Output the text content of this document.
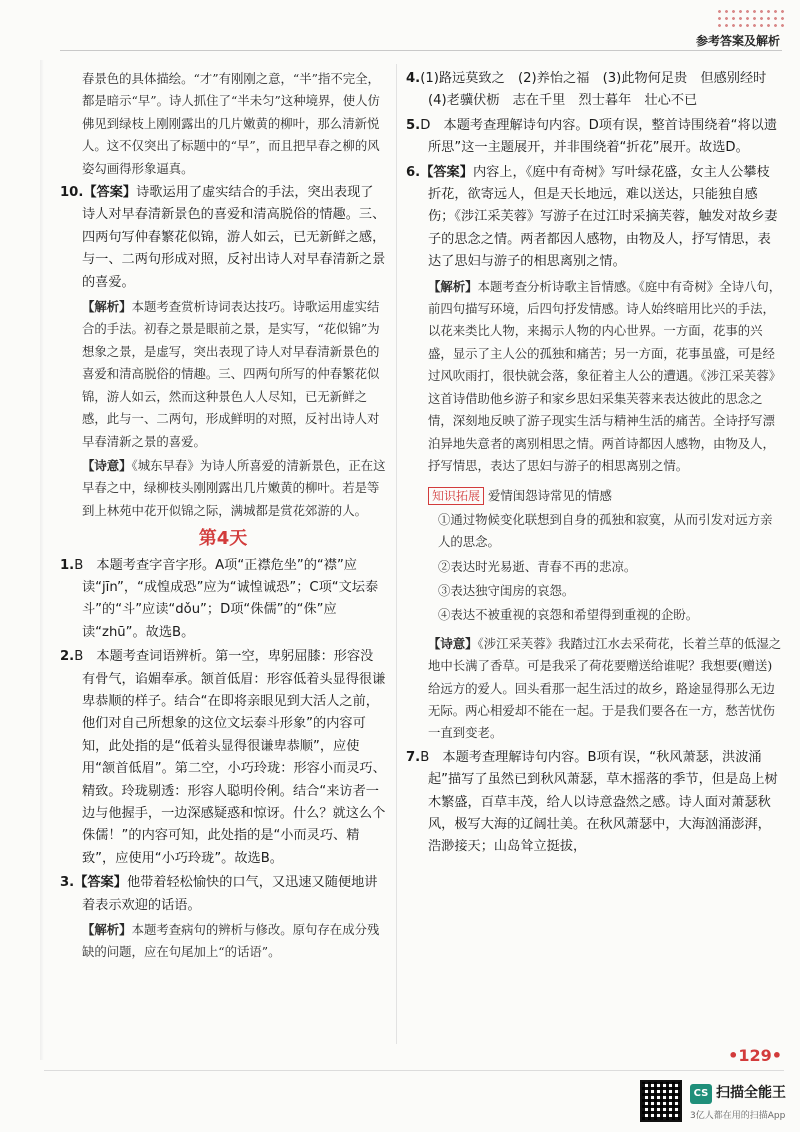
参考答案及解析

春景色的具体描绘。“才”有刚刚之意，“半”指不完全，都是暗示“早”。诗人抓住了“半未匀”这种境界，使人仿佛见到绿枝上刚刚露出的几片嫩黄的柳叶，那么清新悦人。这不仅突出了标题中的“早”，而且把早春之柳的风姿勾画得形象逼真。

10.【答案】诗歌运用了虚实结合的手法，突出表现了诗人对早春清新景色的喜爱和清高脱俗的情趣。三、四两句写仲春繁花似锦，游人如云，已无新鲜之感，与一、二两句形成对照，反衬出诗人对早春清新之景的喜爱。
【解析】本题考查赏析诗词表达技巧。诗歌运用虚实结合的手法。初春之景是眼前之景，是实写，“花似锦”为想象之景，是虚写，突出表现了诗人对早春清新景色的喜爱和清高脱俗的情趣。三、四两句所写的仲春繁花似锦，游人如云，然而这种景色人人尽知，已无新鲜之感，此与一、二两句，形成鲜明的对照，反衬出诗人对早春清新之景的喜爱。
【诗意】《城东早春》为诗人所喜爱的清新景色，正在这早春之中，绿柳枝头刚刚露出几片嫩黄的柳叶。若是等到上林苑中花开似锦之际，满城都是赏花郊游的人。
第4天
1.B　本题考查字音字形。A项“正襟危坐”的“襟”应读“jīn”，“成惶成恐”应为“诚惶诚恐”；C项“文坛泰斗”的“斗”应读“dǒu”；D项“侏儒”的“侏”应读“zhū”。故选B。
2.B　本题考查词语辨析。第一空，卑躬屈膝：形容没有骨气，谄媚奉承。颔首低眉：形容低着头显得很谦卑恭顺的样子。结合“在即将亲眼见到大活人之前，他们对自己所想象的这位文坛泰斗形象”的内容可知，此处指的是“低着头显得很谦卑恭顺”，应使用“颔首低眉”。第二空，小巧玲珑：形容小而灵巧、精致。玲珑剔透：形容人聪明伶俐。结合“来访者一边与他握手，一边深感疑惑和惊讶。什么？就这么个侏儒！”的内容可知，此处指的是“小而灵巧、精致”，应使用“小巧玲珑”。故选B。
3.【答案】他带着轻松愉快的口气，又迅速又随便地讲着表示欢迎的话语。
【解析】本题考查病句的辨析与修改。原句存在成分残缺的问题，应在句尾加上“的话语”。
4.(1)路远莫致之　(2)养怡之福　(3)此物何足贵　但感别经时　(4)老骥伏枥　志在千里　烈士暮年　壮心不已
5.D　本题考查理解诗句内容。D项有误，整首诗围绕着“将以遗所思”这一主题展开，并非围绕着“折花”展开。故选D。
6.【答案】内容上，《庭中有奇树》写叶绿花盛，女主人公攀枝折花，欲寄远人，但是天长地远，难以送达，只能独自感伤；《涉江采芙蓉》写游子在过江时采摘芙蓉，触发对故乡妻子的思念之情。两者都因人感物，由物及人，抒写情思，表达了思妇与游子的相思离别之情。
【解析】本题考查分析诗歌主旨情感。《庭中有奇树》全诗八句，前四句描写环境，后四句抒发情感。诗人始终暗用比兴的手法，以花来类比人物，来揭示人物的内心世界。一方面，花事的兴盛，显示了主人公的孤独和痛苦；另一方面，花事虽盛，可是经过风吹雨打，很快就会落，象征着主人公的遭遇。《涉江采芙蓉》这首诗借助他乡游子和家乡思妇采集芙蓉来表达彼此的思念之情，深刻地反映了游子现实生活与精神生活的痛苦。全诗抒写漂泊异地失意者的离别相思之情。两首诗都因人感物，由物及人，抒写情思，表达了思妇与游子的相思离别之情。
知识拓展 爱情闺怨诗常见的情感

①通过物候变化联想到自身的孤独和寂寞，从而引发对远方亲人的思念。

②表达时光易逝、青春不再的悲凉。

③表达独守闺房的哀怨。

④表达不被重视的哀怨和希望得到重视的企盼。

【诗意】《涉江采芙蓉》我踏过江水去采荷花，长着兰草的低湿之地中长满了香草。可是我采了荷花要赠送给谁呢？我想要(赠送)给远方的爱人。回头看那一起生活过的故乡，路途显得那么无边无际。两心相爱却不能在一起。于是我们要各在一方，愁苦忧伤一直到变老。
7.B　本题考查理解诗句内容。B项有误，“秋风萧瑟，洪波涌起”描写了虽然已到秋风萧瑟，草木摇落的季节，但是岛上树木繁盛，百草丰茂，给人以诗意盎然之感。诗人面对萧瑟秋风，极写大海的辽阔壮美。在秋风萧瑟中，大海汹涌澎湃，浩渺接天；山岛耸立挺拔，
•129•
CS 扫描全能王
3亿人都在用的扫描App
